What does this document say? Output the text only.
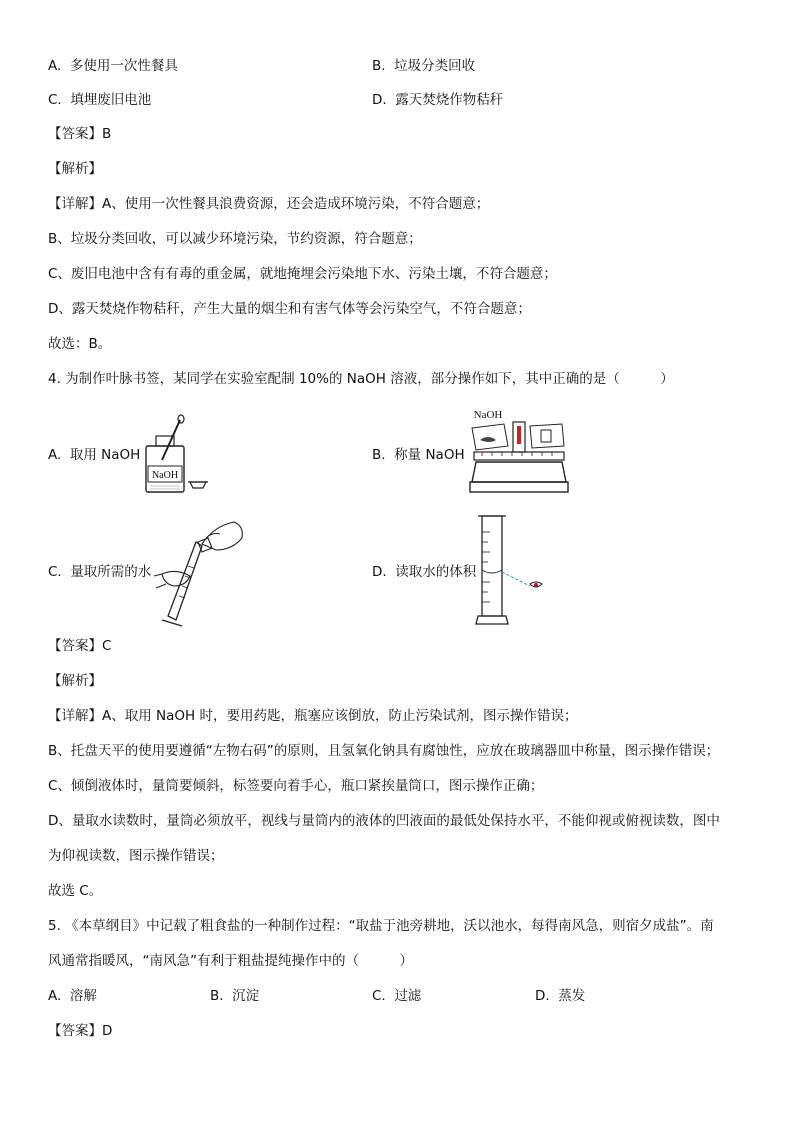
A. 多使用一次性餐具	B. 垃圾分类回收
C. 填埋废旧电池	D. 露天焚烧作物秸秆
【答案】B
【解析】
【详解】A、使用一次性餐具浪费资源，还会造成环境污染，不符合题意；
B、垃圾分类回收，可以减少环境污染，节约资源，符合题意；
C、废旧电池中含有有毒的重金属，就地掩埋会污染地下水、污染土壤，不符合题意；
D、露天焚烧作物秸秆，产生大量的烟尘和有害气体等会污染空气，不符合题意；
故选：B。
4. 为制作叶脉书签，某同学在实验室配制 10%的 NaOH 溶液，部分操作如下，其中正确的是（　　　）
A. 取用 NaOH	B. 称量 NaOH
C. 量取所需的水	D. 读取水的体积
NaOH
NaOH
【答案】C
【解析】
【详解】A、取用 NaOH 时，要用药匙，瓶塞应该倒放，防止污染试剂，图示操作错误；
B、托盘天平的使用要遵循“左物右码”的原则，且氢氧化钠具有腐蚀性，应放在玻璃器皿中称量，图示操作错误；
C、倾倒液体时，量筒要倾斜，标签要向着手心，瓶口紧挨量筒口，图示操作正确；
D、量取水读数时，量筒必须放平，视线与量筒内的液体的凹液面的最低处保持水平，不能仰视或俯视读数，图中
为仰视读数，图示操作错误；
故选 C。
5. 《本草纲目》中记载了粗食盐的一种制作过程：“取盐于池旁耕地，沃以池水，每得南风急，则宿夕成盐”。南
风通常指暖风，“南风急”有利于粗盐提纯操作中的（　　　）
A. 溶解	B. 沉淀	C. 过滤	D. 蒸发
【答案】D
